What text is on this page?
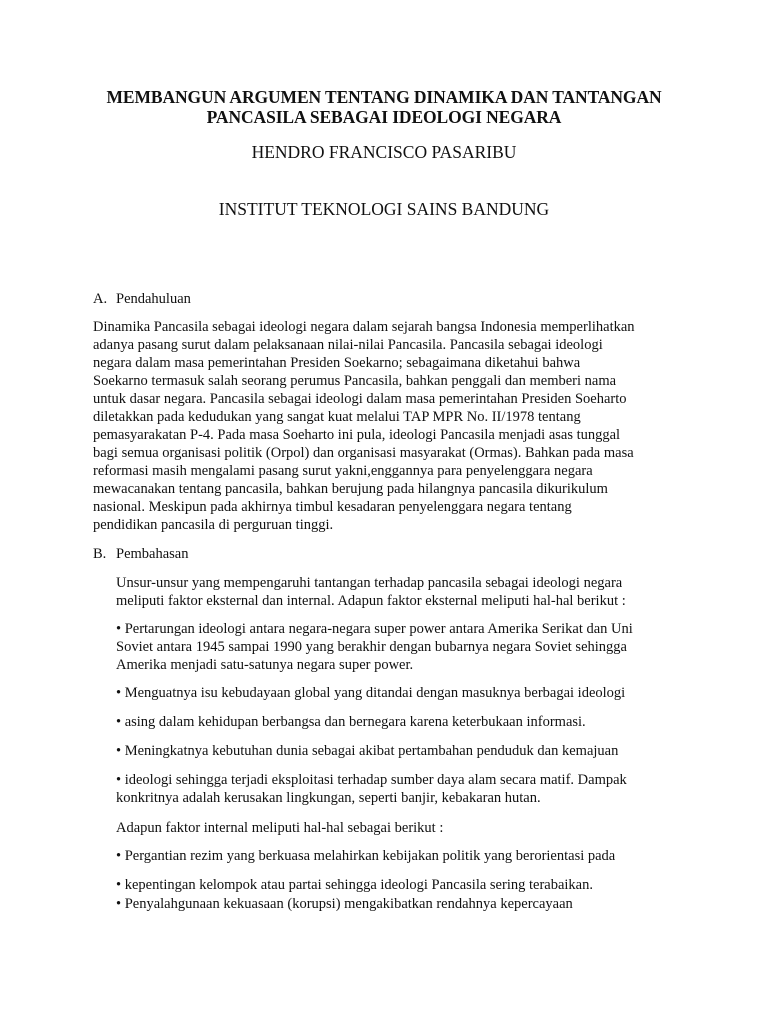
MEMBANGUN ARGUMEN TENTANG DINAMIKA DAN TANTANGAN
PANCASILA SEBAGAI IDEOLOGI NEGARA
HENDRO FRANCISCO PASARIBU
INSTITUT TEKNOLOGI SAINS BANDUNG
A. Pendahuluan
Dinamika Pancasila sebagai ideologi negara dalam sejarah bangsa Indonesia memperlihatkan
adanya pasang surut dalam pelaksanaan nilai-nilai Pancasila. Pancasila sebagai ideologi
negara dalam masa pemerintahan Presiden Soekarno; sebagaimana diketahui bahwa
Soekarno termasuk salah seorang perumus Pancasila, bahkan penggali dan memberi nama
untuk dasar negara. Pancasila sebagai ideologi dalam masa pemerintahan Presiden Soeharto
diletakkan pada kedudukan yang sangat kuat melalui TAP MPR No. II/1978 tentang
pemasyarakatan P-4. Pada masa Soeharto ini pula, ideologi Pancasila menjadi asas tunggal
bagi semua organisasi politik (Orpol) dan organisasi masyarakat (Ormas). Bahkan pada masa
reformasi masih mengalami pasang surut yakni,enggannya para penyelenggara negara
mewacanakan tentang pancasila, bahkan berujung pada hilangnya pancasila dikurikulum
nasional. Meskipun pada akhirnya timbul kesadaran penyelenggara negara tentang
pendidikan pancasila di perguruan tinggi.
B. Pembahasan
Unsur-unsur yang mempengaruhi tantangan terhadap pancasila sebagai ideologi negara
meliputi faktor eksternal dan internal. Adapun faktor eksternal meliputi hal-hal berikut :
• Pertarungan ideologi antara negara-negara super power antara Amerika Serikat dan Uni
Soviet antara 1945 sampai 1990 yang berakhir dengan bubarnya negara Soviet sehingga
Amerika menjadi satu-satunya negara super power.
• Menguatnya isu kebudayaan global yang ditandai dengan masuknya berbagai ideologi
• asing dalam kehidupan berbangsa dan bernegara karena keterbukaan informasi.
• Meningkatnya kebutuhan dunia sebagai akibat pertambahan penduduk dan kemajuan
• ideologi sehingga terjadi eksploitasi terhadap sumber daya alam secara matif. Dampak
konkritnya adalah kerusakan lingkungan, seperti banjir, kebakaran hutan.
Adapun faktor internal meliputi hal-hal sebagai berikut :
• Pergantian rezim yang berkuasa melahirkan kebijakan politik yang berorientasi pada
• kepentingan kelompok atau partai sehingga ideologi Pancasila sering terabaikan.
• Penyalahgunaan kekuasaan (korupsi) mengakibatkan rendahnya kepercayaan
